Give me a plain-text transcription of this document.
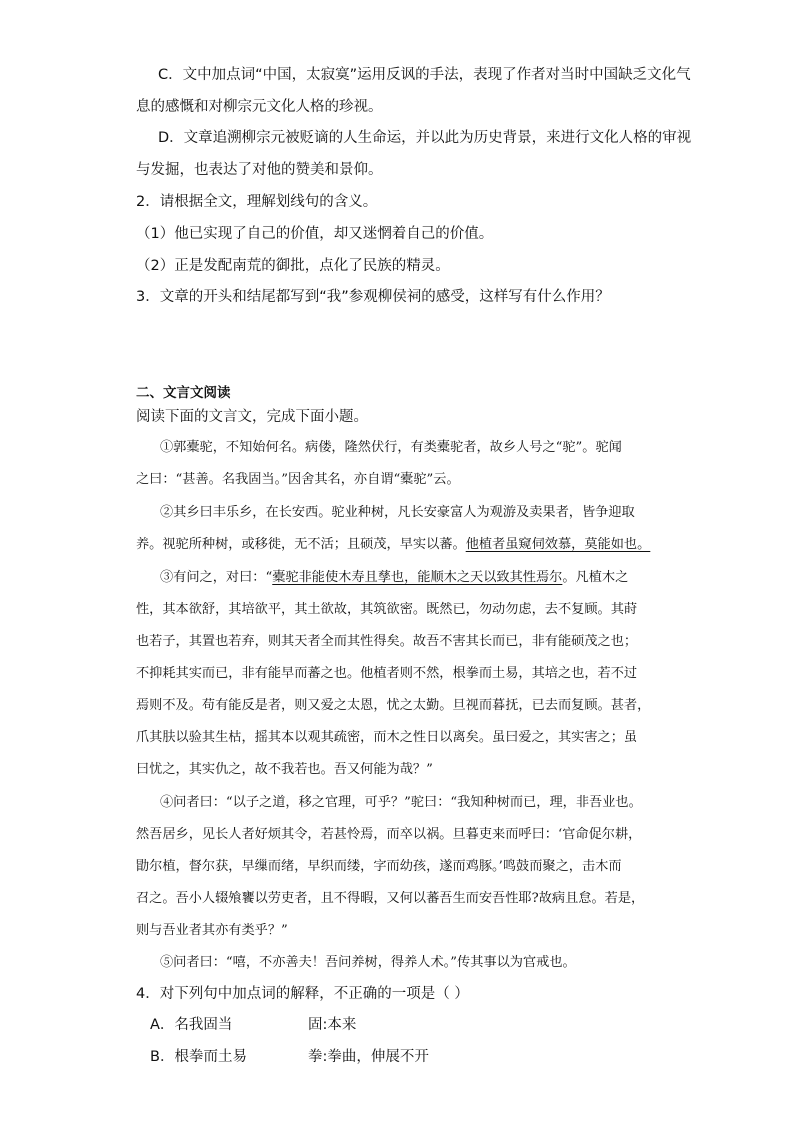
C．文中加点词“中国，太寂寞”运用反讽的手法，表现了作者对当时中国缺乏文化气
息的感慨和对柳宗元文化人格的珍视。
D．文章追溯柳宗元被贬谪的人生命运，并以此为历史背景，来进行文化人格的审视
与发掘，也表达了对他的赞美和景仰。
2．请根据全文，理解划线句的含义。
（1）他已实现了自己的价值，却又迷惘着自己的价值。
（2）正是发配南荒的御批，点化了民族的精灵。
3．文章的开头和结尾都写到“我”参观柳侯祠的感受，这样写有什么作用？
二、文言文阅读
阅读下面的文言文，完成下面小题。
①郭橐驼，不知始何名。病偻，隆然伏行，有类橐驼者，故乡人号之“驼”。驼闻
之曰：“甚善。名我固当。”因舍其名，亦自谓“橐驼”云。
②其乡曰丰乐乡，在长安西。驼业种树，凡长安豪富人为观游及卖果者，皆争迎取
养。视驼所种树，或移徙，无不活；且硕茂，早实以蕃。他植者虽窥伺效慕，莫能如也。
③有问之，对曰：“橐驼非能使木寿且孳也，能顺木之天以致其性焉尔。凡植木之
性，其本欲舒，其培欲平，其土欲故，其筑欲密。既然已，勿动勿虑，去不复顾。其莳
也若子，其置也若弃，则其天者全而其性得矣。故吾不害其长而已，非有能硕茂之也；
不抑耗其实而已，非有能早而蕃之也。他植者则不然，根拳而土易，其培之也，若不过
焉则不及。苟有能反是者，则又爱之太恩，忧之太勤。旦视而暮抚，已去而复顾。甚者，
爪其肤以验其生枯，摇其本以观其疏密，而木之性日以离矣。虽曰爱之，其实害之；虽
曰忧之，其实仇之，故不我若也。吾又何能为哉？”
④问者曰：“以子之道，移之官理，可乎？”驼曰：“我知种树而已，理，非吾业也。
然吾居乡，见长人者好烦其令，若甚怜焉，而卒以祸。旦暮吏来而呼曰：‘官命促尔耕，
勖尔植，督尔获，早缫而绪，早织而缕，字而幼孩，遂而鸡豚。’鸣鼓而聚之，击木而
召之。吾小人辍飧饔以劳吏者，且不得暇，又何以蕃吾生而安吾性耶?故病且怠。若是，
则与吾业者其亦有类乎？”
⑤问者曰：“嘻，不亦善夫！吾问养树，得养人术。”传其事以为官戒也。
4．对下列句中加点词的解释，不正确的一项是（ ）
A．名我固当	固:本来
B．根拳而土易	拳:拳曲，伸展不开
